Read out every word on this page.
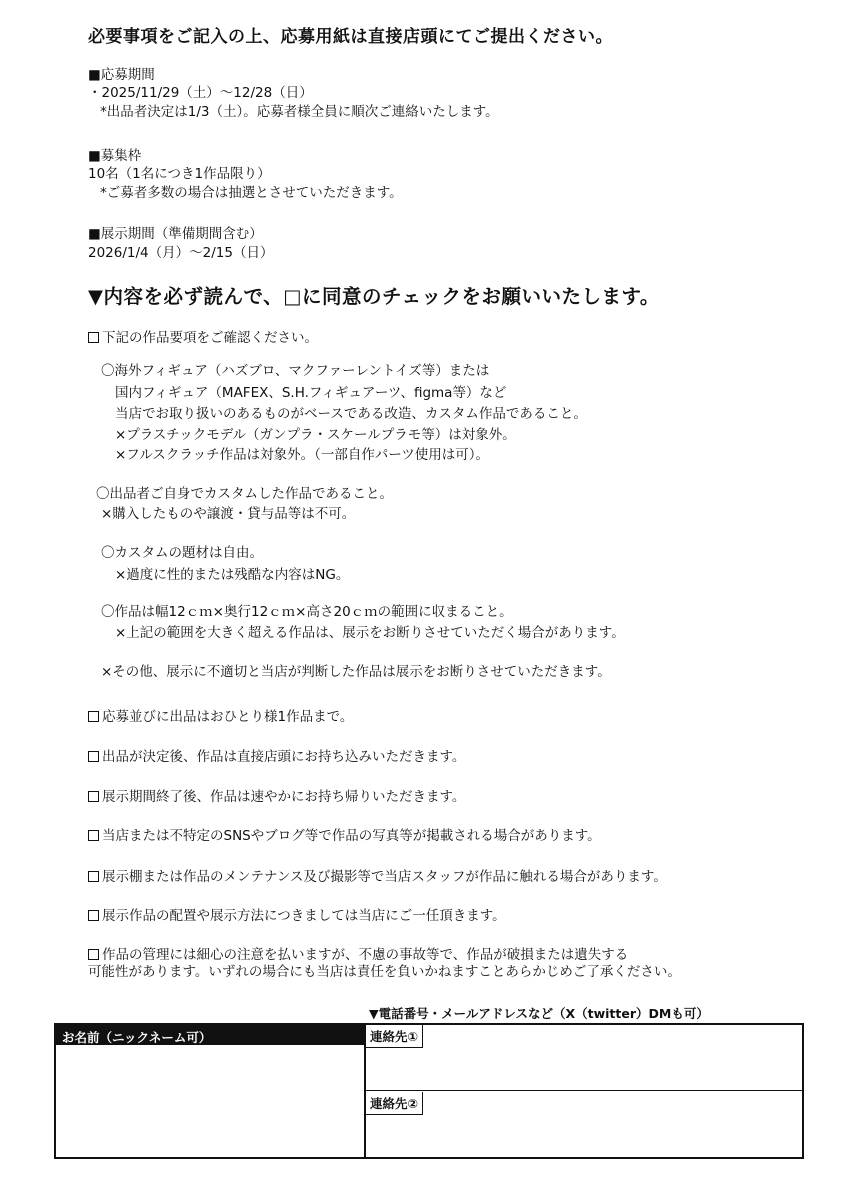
必要事項をご記入の上、応募用紙は直接店頭にてご提出ください。
■応募期間
・2025/11/29（土）～12/28（日）
*出品者決定は1/3（土）。応募者様全員に順次ご連絡いたします。
■募集枠
10名（1名につき1作品限り）
*ご募者多数の場合は抽選とさせていただきます。
■展示期間（準備期間含む）
2026/1/4（月）～2/15（日）
▼内容を必ず読んで、□に同意のチェックをお願いいたします。
下記の作品要項をご確認ください。
〇海外フィギュア（ハズブロ、マクファーレントイズ等）または
国内フィギュア（MAFEX、S.H.フィギュアーツ、figma等）など
当店でお取り扱いのあるものがベースである改造、カスタム作品であること。
×プラスチックモデル（ガンプラ・スケールプラモ等）は対象外。
×フルスクラッチ作品は対象外。（一部自作パーツ使用は可）。
〇出品者ご自身でカスタムした作品であること。
×購入したものや譲渡・貸与品等は不可。
〇カスタムの題材は自由。
×過度に性的または残酷な内容はNG。
〇作品は幅12ｃｍ×奥行12ｃｍ×高さ20ｃｍの範囲に収まること。
×上記の範囲を大きく超える作品は、展示をお断りさせていただく場合があります。
×その他、展示に不適切と当店が判断した作品は展示をお断りさせていただきます。
応募並びに出品はおひとり様1作品まで。
出品が決定後、作品は直接店頭にお持ち込みいただきます。
展示期間終了後、作品は速やかにお持ち帰りいただきます。
当店または不特定のSNSやブログ等で作品の写真等が掲載される場合があります。
展示棚または作品のメンテナンス及び撮影等で当店スタッフが作品に触れる場合があります。
展示作品の配置や展示方法につきましては当店にご一任頂きます。
作品の管理には細心の注意を払いますが、不慮の事故等で、作品が破損または遺失する
可能性があります。いずれの場合にも当店は責任を負いかねますことあらかじめご了承ください。
▼電話番号・メールアドレスなど（X（twitter）DMも可）
お名前（ニックネーム可）	連絡先①
連絡先②
